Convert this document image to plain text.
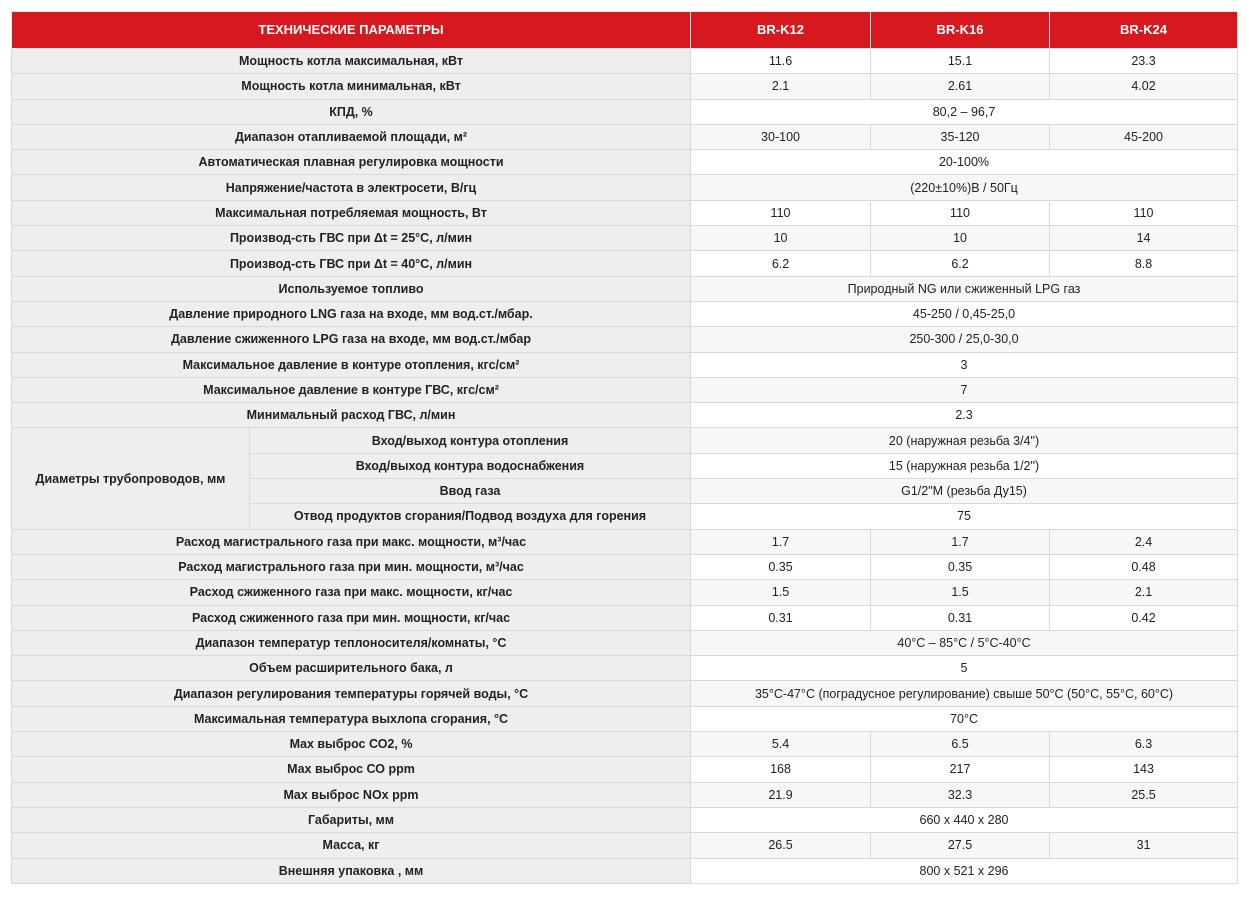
ТЕХНИЧЕСКИЕ ПАРАМЕТРЫ		BR-K12	BR-K16	BR-K24
Мощность котла максимальная, кВт		11.6	15.1	23.3
Мощность котла минимальная, кВт		2.1	2.61	4.02
КПД, %		80,2 – 96,7		
Диапазон отапливаемой площади, м²		30-100	35-120	45-200
Автоматическая плавная регулировка мощности		20-100%		
Напряжение/частота в электросети, В/гц		(220±10%)В / 50Гц		
Максимальная потребляемая мощность, Вт		110	110	110
Производ-сть ГВС при Δt = 25°С, л/мин		10	10	14
Производ-сть ГВС при Δt = 40°С, л/мин		6.2	6.2	8.8
Используемое топливо		Природный NG или сжиженный LPG газ		
Давление природного LNG газа на входе, мм вод.ст./мбар.		45-250 / 0,45-25,0		
Давление сжиженного LPG газа на входе, мм вод.ст./мбар		250-300 / 25,0-30,0		
Максимальное давление в контуре отопления, кгс/см²		3		
Максимальное давление в контуре ГВС, кгс/см²		7		
Минимальный расход ГВС, л/мин		2.3		
Диаметры трубопроводов, мм	Вход/выход контура отопления	20 (наружная резьба 3/4")		
	Вход/выход контура водоснабжения	15 (наружная резьба 1/2")		
	Ввод газа	G1/2"M (резьба Ду15)		
	Отвод продуктов сгорания/Подвод воздуха для горения	75		
Расход магистрального газа при макс. мощности, м³/час		1.7	1.7	2.4
Расход магистрального газа при мин. мощности, м³/час		0.35	0.35	0.48
Расход сжиженного газа при макс. мощности, кг/час		1.5	1.5	2.1
Расход сжиженного газа при мин. мощности, кг/час		0.31	0.31	0.42
Диапазон температур теплоносителя/комнаты, °С		40°С – 85°С / 5°С-40°С		
Объем расширительного бака, л		5		
Диапазон регулирования температуры горячей воды, °С		35°С-47°С (поградусное регулирование) свыше 50°С (50°С, 55°С, 60°С)		
Максимальная температура выхлопа сгорания, °С		70°С		
Max выброс СО2, %		5.4	6.5	6.3
Max выброс СО ppm		168	217	143
Max выброс NOx ppm		21.9	32.3	25.5
Габариты, мм		660 х 440 х 280		
Масса, кг		26.5	27.5	31
Внешняя упаковка , мм		800 х 521 х 296		
